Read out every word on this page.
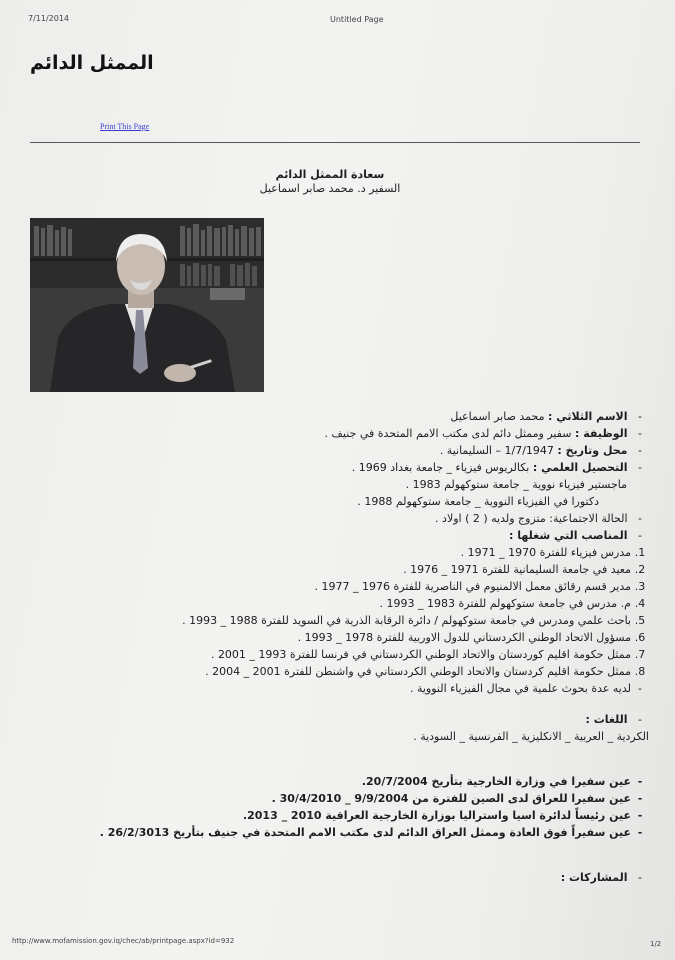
7/11/2014	Untitled Page
الممثل الدائم
Print This Page
سعادة الممثل الدائم
السفير د. محمد صابر اسماعيل
- الاسم الثلاثي : محمد صابر اسماعيل
- الوظيفة : سفير وممثل دائم لدى مكتب الامم المتحدة في جنيف .
- محل وتاريخ : 1/7/1947 – السليمانية .
- التحصيل العلمي : بكالريوس فيزياء _ جامعة بغداد 1969 .
ماجستير فيزياء نووية _ جامعة ستوكهولم 1983 .
دكتورا في الفيزياء النووية _ جامعة ستوكهولم 1988 .
- الحالة الاجتماعية: متزوج ولديه ( 2 ) اولاد .
- المناصب التي شغلها :
1.مدرس فيزياء للفترة 1970 _ 1971 .
2.معيد في جامعة السليمانية للفترة 1971 _ 1976 .
3.مدير قسم رقائق معمل الالمنيوم في الناصرية للفترة 1976 _ 1977 .
4.م. مدرس في جامعة ستوكهولم للفترة 1983 _ 1993 .
5.باحث علمي ومدرس في جامعة ستوكهولم / دائرة الرقابة الذرية في السويد للفترة 1988 _ 1993 .
6.مسؤول الاتحاد الوطني الكردستاني للدول الاوربية للفترة 1978 _ 1993 .
7.ممثل حكومة اقليم كوردستان والاتحاد الوطني الكردستاني في فرنسا للفترة 1993 _ 2001 .
8.ممثل حكومة اقليم كردستان والاتحاد الوطني الكردستاني في واشنطن للفترة 2001 _ 2004 .
-لديه عدة بحوث علمية في مجال الفيزياء النووية .
- اللغات :
الكردية _ العربية _ الانكليزية _ الفرنسية _ السودية .
-عين سفيرا في وزارة الخارجية بتأريخ 20/7/2004.
-عين سفيرا للعراق لدى الصين للفترة من 9/9/2004 _ 30/4/2010 .
-عين رئيساً لدائرة اسيا واستراليا بوزارة الخارجية العراقية 2010 _ 2013.
-عين سفيراً فوق العادة وممثل العراق الدائم لدى مكتب الامم المتحدة في جنيف بتأريخ 26/2/3013 .
- المشاركات :
http://www.mofamission.gov.iq/chec/ab/printpage.aspx?id=932	1/2
